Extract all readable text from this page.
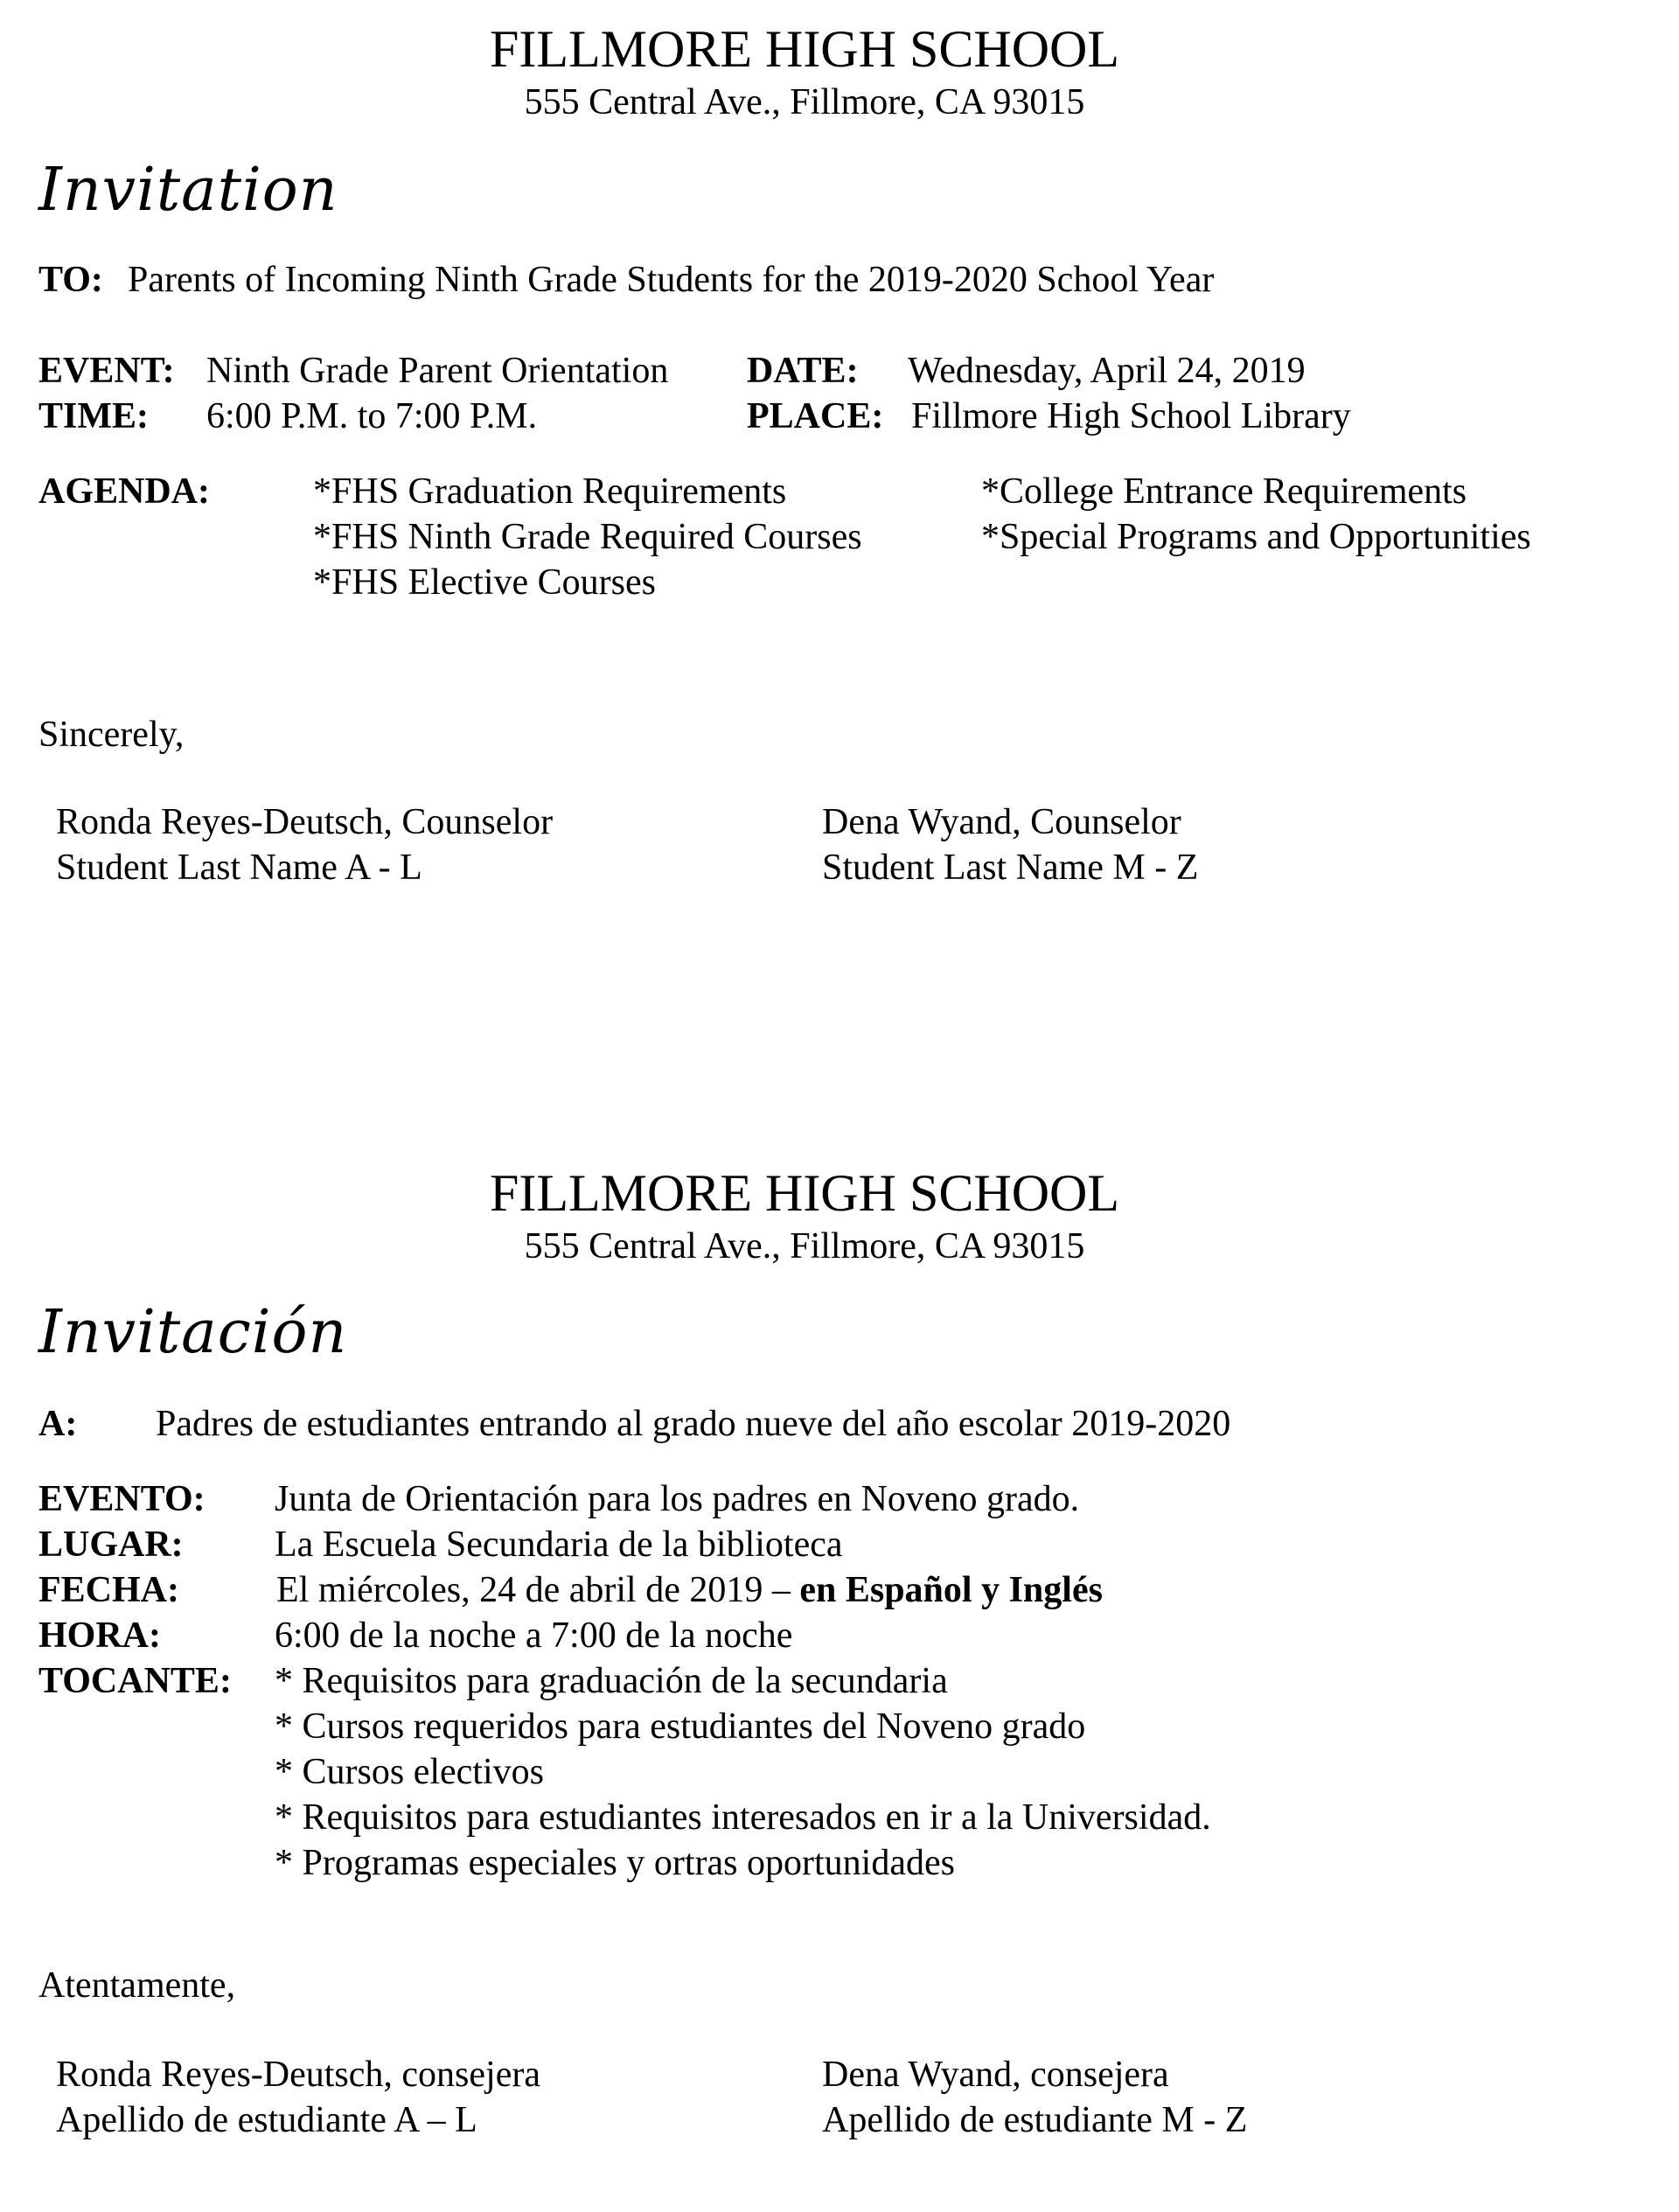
FILLMORE HIGH SCHOOL
555 Central Ave., Fillmore, CA 93015
Invitation
TO: Parents of Incoming Ninth Grade Students for the 2019-2020 School Year
EVENT: Ninth Grade Parent Orientation DATE: Wednesday, April 24, 2019
TIME: 6:00 P.M. to 7:00 P.M.	PLACE: Fillmore High School Library
AGENDA:	*FHS Graduation Requirements
*FHS Ninth Grade Required Courses
*FHS Elective Courses
*College Entrance Requirements
*Special Programs and Opportunities
Sincerely,
Ronda Reyes-Deutsch, Counselor
Student Last Name A - L
Dena Wyand, Counselor
Student Last Name M - Z
FILLMORE HIGH SCHOOL
555 Central Ave., Fillmore, CA 93015
Invitación
A: Padres de estudiantes entrando al grado nueve del año escolar 2019-2020
EVENTO: Junta de Orientación para los padres en Noveno grado.
LUGAR: La Escuela Secundaria de la biblioteca
FECHA:	El miércoles, 24 de abril de 2019 – en Español y Inglés
HORA:	6:00 de la noche a 7:00 de la noche
TOCANTE: * Requisitos para graduación de la secundaria
* Cursos requeridos para estudiantes del Noveno grado
* Cursos electivos
* Requisitos para estudiantes interesados en ir a la Universidad.
* Programas especiales y ortras oportunidades
Atentamente,
Ronda Reyes-Deutsch, consejera
Apellido de estudiante A – L
Dena Wyand, consejera
Apellido de estudiante M - Z
